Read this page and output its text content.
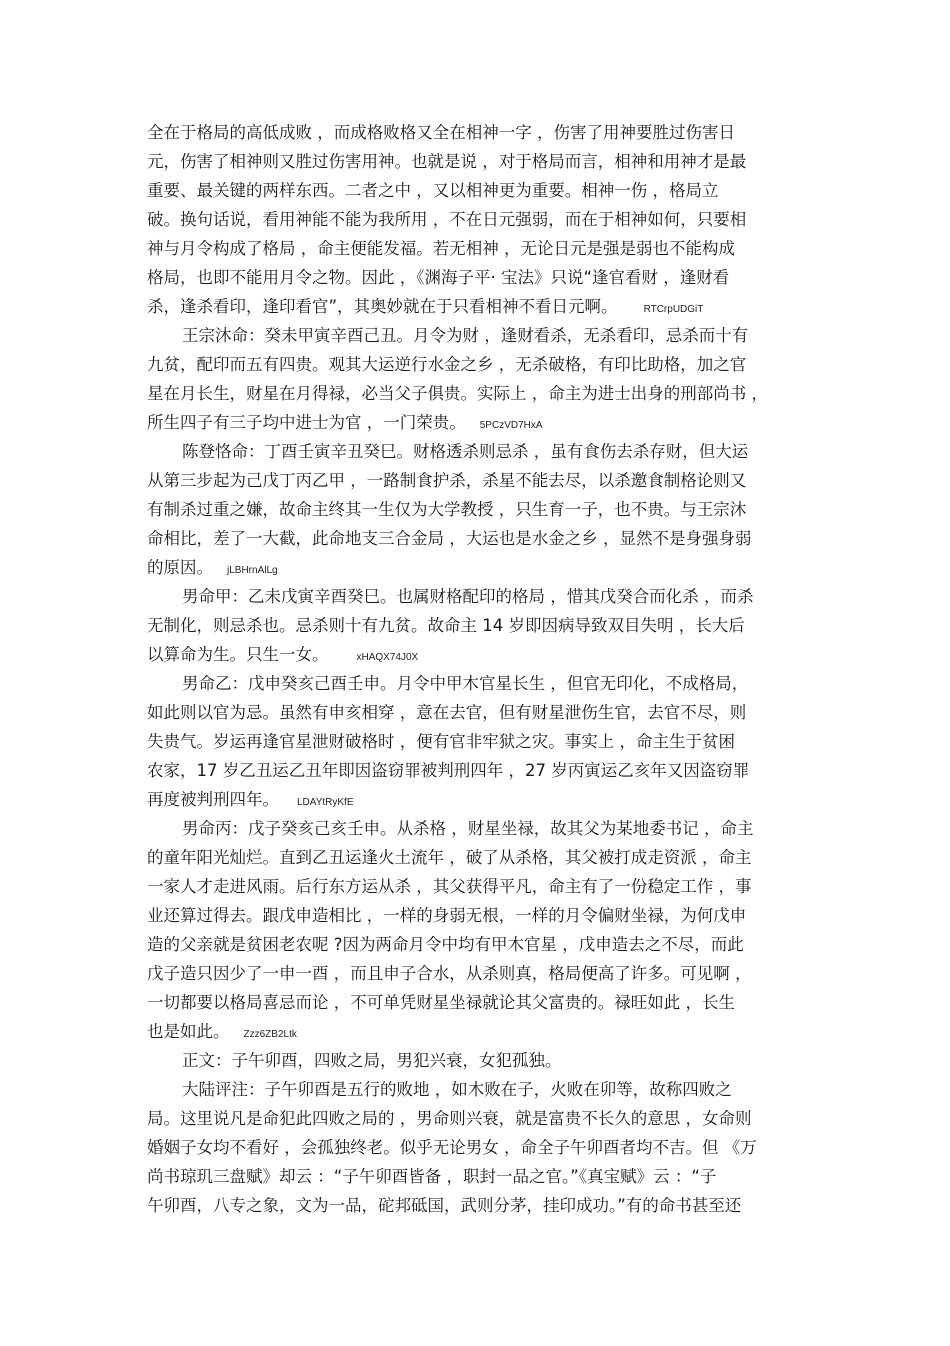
全在于格局的高低成败 ，而成格败格又全在相神一字 ，伤害了用神要胜过伤害日
元，伤害了相神则又胜过伤害用神。也就是说 ，对于格局而言，相神和用神才是最
重要、最关键的两样东西。二者之中 ，又以相神更为重要。相神一伤 ，格局立
破。换句话说，看用神能不能为我所用 ，不在日元强弱，而在于相神如何，只要相
神与月令构成了格局 ，命主便能发福。若无相神 ，无论日元是强是弱也不能构成
格局，也即不能用月令之物。因此 ，《渊海子平· 宝法》只说“逢官看财 ，逢财看
杀，逢杀看印，逢印看官”，其奥妙就在于只看相神不看日元啊。	RTCrpUDGiT
王宗沐命：癸未甲寅辛酉己丑。月令为财 ，逢财看杀，无杀看印，忌杀而十有
九贫，配印而五有四贵。观其大运逆行水金之乡 ，无杀破格，有印比助格，加之官
星在月长生，财星在月得禄，必当父子俱贵。实际上 ，命主为进士出身的刑部尚书 ，
所生四子有三子均中进士为官 ，一门荣贵。 5PCzVD7HxA
陈登恪命：丁酉壬寅辛丑癸巳。财格透杀则忌杀 ，虽有食伤去杀存财，但大运
从第三步起为己戊丁丙乙甲 ，一路制食护杀，杀星不能去尽，以杀邀食制格论则又
有制杀过重之嫌，故命主终其一生仅为大学教授 ，只生育一子，也不贵。与王宗沐
命相比，差了一大截，此命地支三合金局 ，大运也是水金之乡 ，显然不是身强身弱
的原因。 jLBHrnAlLg
男命甲：乙未戊寅辛酉癸巳。也属财格配印的格局 ，惜其戊癸合而化杀 ，而杀
无制化，则忌杀也。忌杀则十有九贫。故命主 14 岁即因病导致双目失明 ，长大后
以算命为生。只生一女。	xHAQX74J0X
男命乙：戊申癸亥己酉壬申。月令中甲木官星长生 ，但官无印化，不成格局，
如此则以官为忌。虽然有申亥相穿 ，意在去官，但有财星泄伤生官，去官不尽，则
失贵气。岁运再逢官星泄财破格时 ，便有官非牢狱之灾。事实上 ，命主生于贫困
农家，17 岁乙丑运乙丑年即因盗窃罪被判刑四年 ，27 岁丙寅运乙亥年又因盗窃罪
再度被判刑四年。 LDAYtRyKfE
男命丙：戊子癸亥己亥壬申。从杀格 ，财星坐禄，故其父为某地委书记 ，命主
的童年阳光灿烂。直到乙丑运逢火土流年 ，破了从杀格，其父被打成走资派 ，命主
一家人才走进风雨。后行东方运从杀 ，其父获得平凡，命主有了一份稳定工作 ，事
业还算过得去。跟戊申造相比 ，一样的身弱无根，一样的月令偏财坐禄，为何戊申
造的父亲就是贫困老农呢 ?因为两命月令中均有甲木官星 ，戊申造去之不尽，而此
戊子造只因少了一申一酉 ，而且申子合水，从杀则真，格局便高了许多。可见啊 ，
一切都要以格局喜忌而论 ，不可单凭财星坐禄就论其父富贵的。禄旺如此 ，长生
也是如此。 Zzz6ZB2Ltk
正文：子午卯酉，四败之局，男犯兴衰，女犯孤独。
大陆评注：子午卯酉是五行的败地 ，如木败在子，火败在卯等，故称四败之
局。这里说凡是命犯此四败之局的 ，男命则兴衰，就是富贵不长久的意思 ，女命则
婚姻子女均不看好 ，会孤独终老。似乎无论男女 ，命全子午卯酉者均不吉。但 《万
尚书琼玑三盘赋》却云 ：“子午卯酉皆备 ，职封一品之官。”《真宝赋》云 ：“子
午卯酉，八专之象，文为一品，砣邦砥国，武则分茅，挂印成功。”有的命书甚至还
